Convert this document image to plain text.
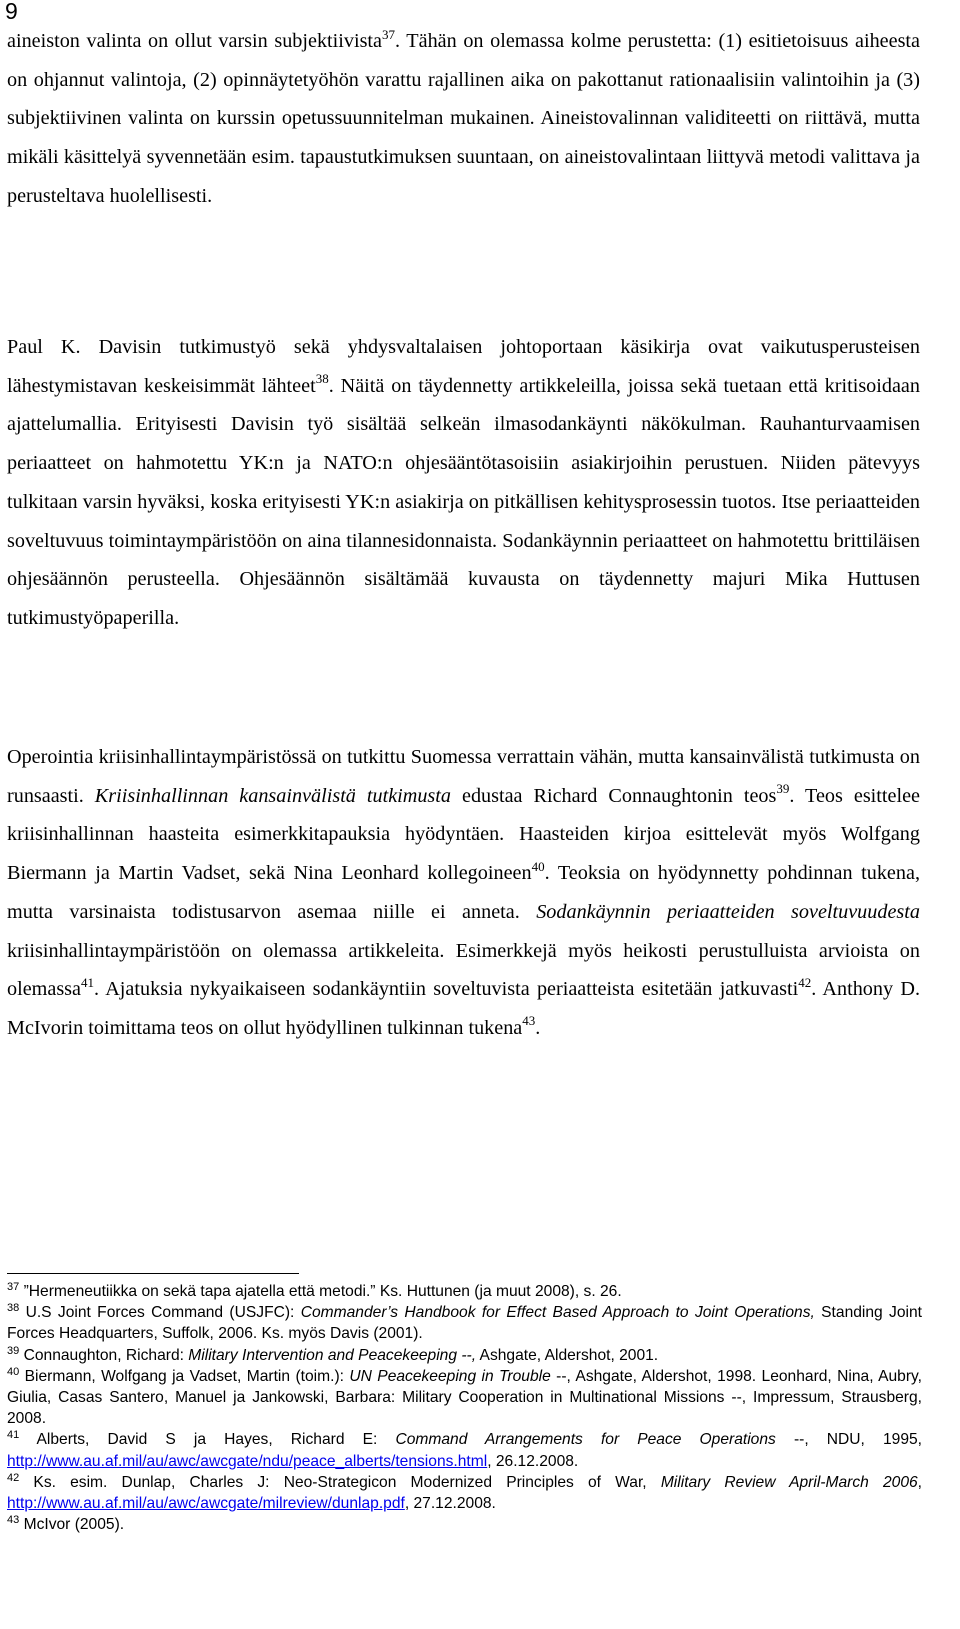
9

aineiston valinta on ollut varsin subjektiivista$^{37}$. Tähän on olemassa kolme perustetta: (1) esitietoisuus aiheesta on ohjannut valintoja, (2) opinnäytetyöhön varattu rajallinen aika on pakottanut rationaalisiin valintoihin ja (3) subjektiivinen valinta on kurssin opetussuunnitelman mukainen. Aineistovalinnan validiteetti on riittävä, mutta mikäli käsittelyä syvennetään esim. tapaustutkimuksen suuntaan, on aineistovalintaan liittyvä metodi valittava ja perusteltava huolellisesti.

Paul K. Davisin tutkimustyö sekä yhdysvaltalaisen johtoportaan käsikirja ovat vaikutusperusteisen lähestymistavan keskeisimmät lähteet$^{38}$. Näitä on täydennetty artikkeleilla, joissa sekä tuetaan että kritisoidaan ajattelumallia. Erityisesti Davisin työ sisältää selkeän ilmasodankäynti näkökulman. Rauhanturvaamisen periaatteet on hahmotettu YK:n ja NATO:n ohjesääntötasoisiin asiakirjoihin perustuen. Niiden pätevyys tulkitaan varsin hyväksi, koska erityisesti YK:n asiakirja on pitkällisen kehitysprosessin tuotos. Itse periaatteiden soveltuvuus toimintaympäristöön on aina tilannesidonnaista. Sodankäynnin periaatteet on hahmotettu brittiläisen ohjesäännön perusteella. Ohjesäännön sisältämää kuvausta on täydennetty majuri Mika Huttusen tutkimustyöpaperilla.

Operointia kriisinhallintaympäristössä on tutkittu Suomessa verrattain vähän, mutta kansainvälistä tutkimusta on runsaasti. Kriisinhallinnan kansainvälistä tutkimusta edustaa Richard Connaughtonin teos$^{39}$. Teos esittelee kriisinhallinnan haasteita esimerkkitapauksia hyödyntäen. Haasteiden kirjoa esittelevät myös Wolfgang Biermann ja Martin Vadset, sekä Nina Leonhard kollegoineen$^{40}$. Teoksia on hyödynnetty pohdinnan tukena, mutta varsinaista todistusarvon asemaa niille ei anneta. Sodankäynnin periaatteiden soveltuvuudesta kriisinhallintaympäristöön on olemassa artikkeleita. Esimerkkejä myös heikosti perustulluista arvioista on olemassa$^{41}$. Ajatuksia nykyaikaiseen sodankäyntiin soveltuvista periaatteista esitetään jatkuvasti$^{42}$. Anthony D. McIvorin toimittama teos on ollut hyödyllinen tulkinnan tukena$^{43}$.

$^{37}$ ”Hermeneutiikka on sekä tapa ajatella että metodi.” Ks. Huttunen (ja muut 2008), s. 26.

$^{38}$ U.S Joint Forces Command (USJFC): Commander’s Handbook for Effect Based Approach to Joint Operations, Standing Joint Forces Headquarters, Suffolk, 2006. Ks. myös Davis (2001).

$^{39}$ Connaughton, Richard: Military Intervention and Peacekeeping --, Ashgate, Aldershot, 2001.

$^{40}$ Biermann, Wolfgang ja Vadset, Martin (toim.): UN Peacekeeping in Trouble --, Ashgate, Aldershot, 1998. Leonhard, Nina, Aubry, Giulia, Casas Santero, Manuel ja Jankowski, Barbara: Military Cooperation in Multinational Missions --, Impressum, Strausberg, 2008.

$^{41}$ Alberts, David S ja Hayes, Richard E: Command Arrangements for Peace Operations --, NDU, 1995, http://www.au.af.mil/au/awc/awcgate/ndu/peace_alberts/tensions.html, 26.12.2008.

$^{42}$ Ks. esim. Dunlap, Charles J: Neo-Strategicon Modernized Principles of War, Military Review April-March 2006, http://www.au.af.mil/au/awc/awcgate/milreview/dunlap.pdf, 27.12.2008.

$^{43}$ McIvor (2005).
